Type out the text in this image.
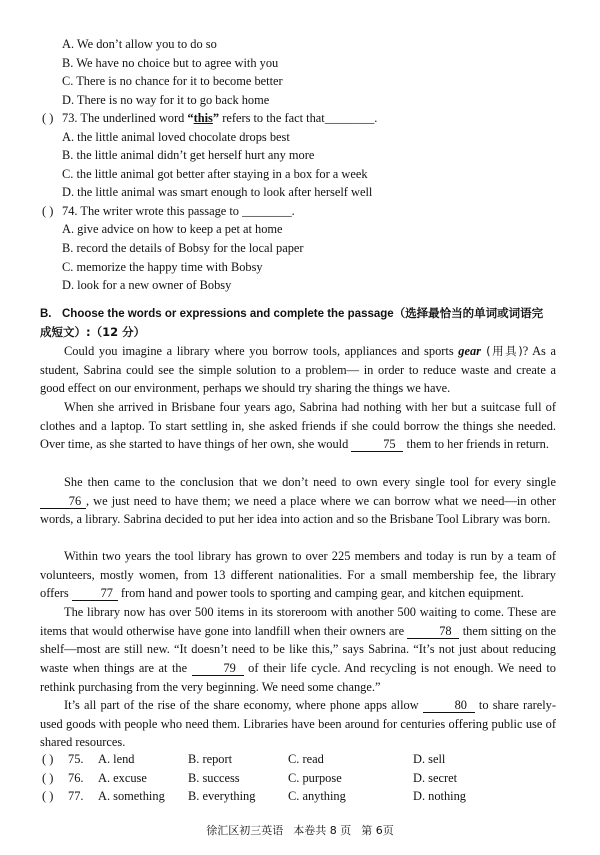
A. We don’t allow you to do so
B. We have no choice but to agree with you
C. There is no chance for it to become better
D. There is no way for it to go back home
( ) 73. The underlined word “this” refers to the fact that________.
A. the little animal loved chocolate drops best
B. the little animal didn’t get herself hurt any more
C. the little animal got better after staying in a box for a week
D. the little animal was smart enough to look after herself well
( ) 74. The writer wrote this passage to ________.
A. give advice on how to keep a pet at home
B. record the details of Bobsy for the local paper
C. memorize the happy time with Bobsy
D. look for a new owner of Bobsy
B. Choose the words or expressions and complete the passage（选择最恰当的单词或词语完
成短文）:（12 分）

Could you imagine a library where you borrow tools, appliances and sports gear (用具)? As a student, Sabrina could see the simple solution to a problem— in order to reduce waste and create a good effect on our environment, perhaps we should try sharing the things we have.

When she arrived in Brisbane four years ago, Sabrina had nothing with her but a suitcase full of clothes and a laptop. To start settling in, she asked friends if she could borrow the things she needed. Over time, as she started to have things of her own, she would	75 them to her friends in return.

She then came to the conclusion that we don’t need to own every single tool for every single 76 , we just need to have them; we need a place where we can borrow what we need—in other words, a library. Sabrina decided to put her idea into action and so the Brisbane Tool Library was born.

Within two years the tool library has grown to over 225 members and today is run by a team of volunteers, mostly women, from 13 different nationalities. For a small membership fee, the library offers 77 from hand and power tools to sporting and camping gear, and kitchen equipment.

The library now has over 500 items in its storeroom with another 500 waiting to come. These are items that would otherwise have gone into landfill when their owners are	78 them sitting on the shelf—most are still new. “It doesn’t need to be like this,” says Sabrina. “It’s not just about reducing waste when things are at the	79 of their life cycle. And recycling is not enough. We need to rethink purchasing from the very beginning. We need some change.”

It’s all part of the rise of the share economy, where phone apps allow	80 to share rarely-used goods with people who need them. Libraries have been around for centuries offering public use of shared resources.

( ) 75. A. lend	B. report	C. read	D. sell
( ) 76. A. excuse	B. success	C. purpose	D. secret
( ) 77. A. something B. everything	C. anything	D. nothing
徐汇区初三英语 本卷共 8 页 第 6页
